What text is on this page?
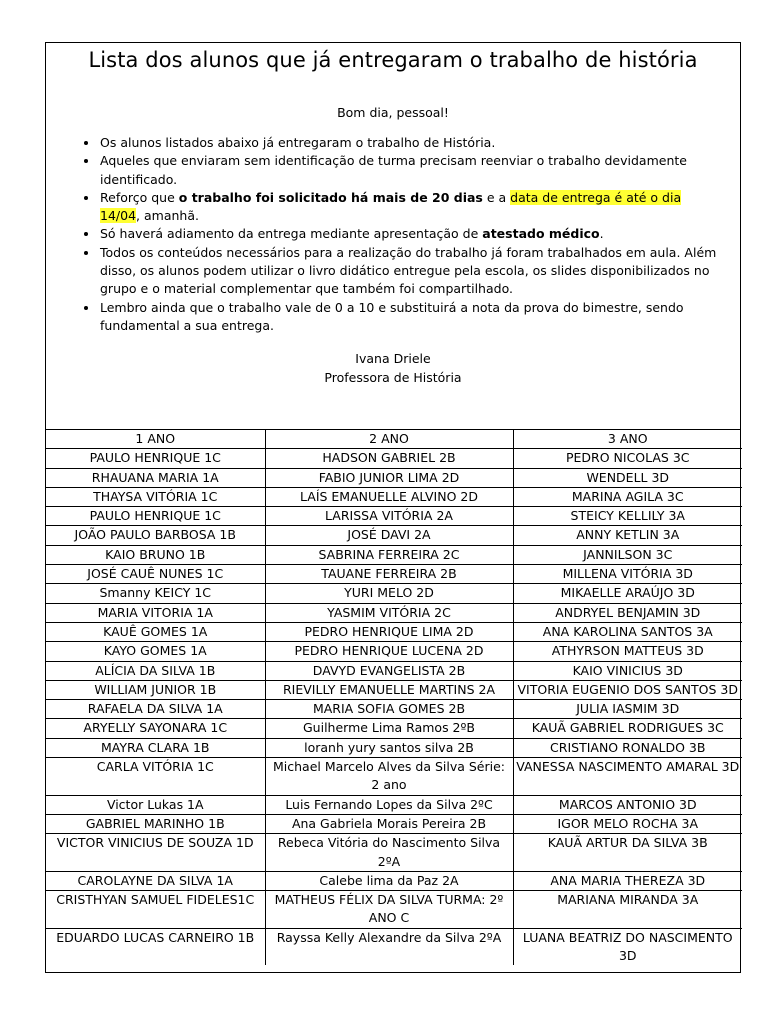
Lista dos alunos que já entregaram o trabalho de história
Bom dia, pessoal!
• Os alunos listados abaixo já entregaram o trabalho de História.
• Aqueles que enviaram sem identificação de turma precisam reenviar o trabalho devidamente identificado.
• Reforço que o trabalho foi solicitado há mais de 20 dias e a data de entrega é até o dia 14/04, amanhã.
• Só haverá adiamento da entrega mediante apresentação de atestado médico.
• Todos os conteúdos necessários para a realização do trabalho já foram trabalhados em aula. Além disso, os alunos podem utilizar o livro didático entregue pela escola, os slides disponibilizados no grupo e o material complementar que também foi compartilhado.
• Lembro ainda que o trabalho vale de 0 a 10 e substituirá a nota da prova do bimestre, sendo fundamental a sua entrega.
Ivana Driele
Professora de História
1 ANO	2 ANO	3 ANO
PAULO HENRIQUE 1C	HADSON GABRIEL 2B	PEDRO NICOLAS 3C
RHAUANA MARIA 1A	FABIO JUNIOR LIMA 2D	WENDELL 3D
THAYSA VITÓRIA 1C	LAÍS EMANUELLE ALVINO 2D	MARINA AGILA 3C
PAULO HENRIQUE 1C	LARISSA VITÓRIA 2A	STEICY KELLILY 3A
JOÃO PAULO BARBOSA 1B	JOSÉ DAVI 2A	ANNY KETLIN 3A
KAIO BRUNO 1B	SABRINA FERREIRA 2C	JANNILSON 3C
JOSÉ CAUÊ NUNES 1C	TAUANE FERREIRA 2B	MILLENA VITÓRIA 3D
Smanny KEICY 1C	YURI MELO 2D	MIKAELLE ARAÚJO 3D
MARIA VITORIA 1A	YASMIM VITÓRIA 2C	ANDRYEL BENJAMIN 3D
KAUÊ GOMES 1A	PEDRO HENRIQUE LIMA 2D	ANA KAROLINA SANTOS 3A
KAYO GOMES 1A	PEDRO HENRIQUE LUCENA 2D	ATHYRSON MATTEUS 3D
ALÍCIA DA SILVA 1B	DAVYD EVANGELISTA 2B	KAIO VINICIUS 3D
WILLIAM JUNIOR 1B	RIEVILLY EMANUELLE MARTINS 2A	VITORIA EUGENIO DOS SANTOS 3D
RAFAELA DA SILVA 1A	MARIA SOFIA GOMES 2B	JULIA IASMIM 3D
ARYELLY SAYONARA 1C	Guilherme Lima Ramos 2ºB	KAUÃ GABRIEL RODRIGUES 3C
MAYRA CLARA 1B	loranh yury santos silva 2B	CRISTIANO RONALDO 3B
CARLA VITÓRIA 1C	Michael Marcelo Alves da Silva Série: 2 ano	VANESSA NASCIMENTO AMARAL 3D
Victor Lukas 1A	Luis Fernando Lopes da Silva 2ºC	MARCOS ANTONIO 3D
GABRIEL MARINHO 1B	Ana Gabriela Morais Pereira 2B	IGOR MELO ROCHA 3A
VICTOR VINICIUS DE SOUZA 1D	Rebeca Vitória do Nascimento Silva 2ºA	KAUÃ ARTUR DA SILVA 3B
CAROLAYNE DA SILVA 1A	Calebe lima da Paz 2A	ANA MARIA THEREZA 3D
CRISTHYAN SAMUEL FIDELES1C	MATHEUS FÉLIX DA SILVA TURMA: 2º ANO C	MARIANA MIRANDA 3A
EDUARDO LUCAS CARNEIRO 1B	Rayssa Kelly Alexandre da Silva 2ºA	LUANA BEATRIZ DO NASCIMENTO 3D
